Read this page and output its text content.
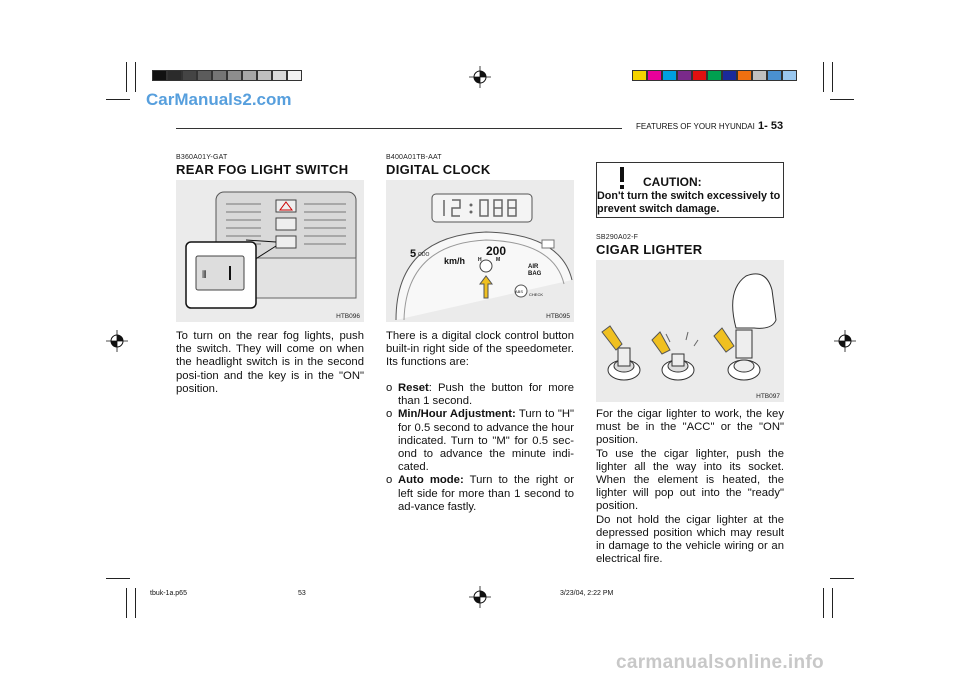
CarManuals2.com
FEATURES OF YOUR HYUNDAI 1- 53
B360A01Y-GAT
REAR FOG LIGHT SWITCH
⦀
HTB096
To turn on the rear fog lights, push the switch. They will come on when the headlight switch is in the second posi-tion and the key is in the "ON" position.
B400A01TB-AAT
DIGITAL CLOCK
5 ODO
km/h
200
H	M
AIR BAG
ABS
CHECK
HTB095
There is a digital clock control button built-in right side of the speedometer. Its functions are:
o Reset: Push the button for more than 1 second.
o Min/Hour Adjustment: Turn to "H" for 0.5 second to advance the hour indicated. Turn to "M" for 0.5 sec-ond to advance the minute indi-cated.
o Auto mode: Turn to the right or left side for more than 1 second to ad-vance fastly.
CAUTION:
Don't turn the switch excessively to prevent switch damage.
SB290A02-F
CIGAR LIGHTER
HTB097
For the cigar lighter to work, the key must be in the "ACC" or the "ON" position.
To use the cigar lighter, push the lighter all the way into its socket. When the element is heated, the lighter will pop out into the "ready" position.
Do not hold the cigar lighter at the depressed position which may result in damage to the vehicle wiring or an electrical fire.
tbuk-1a.p65	53	3/23/04, 2:22 PM
carmanualsonline.info
